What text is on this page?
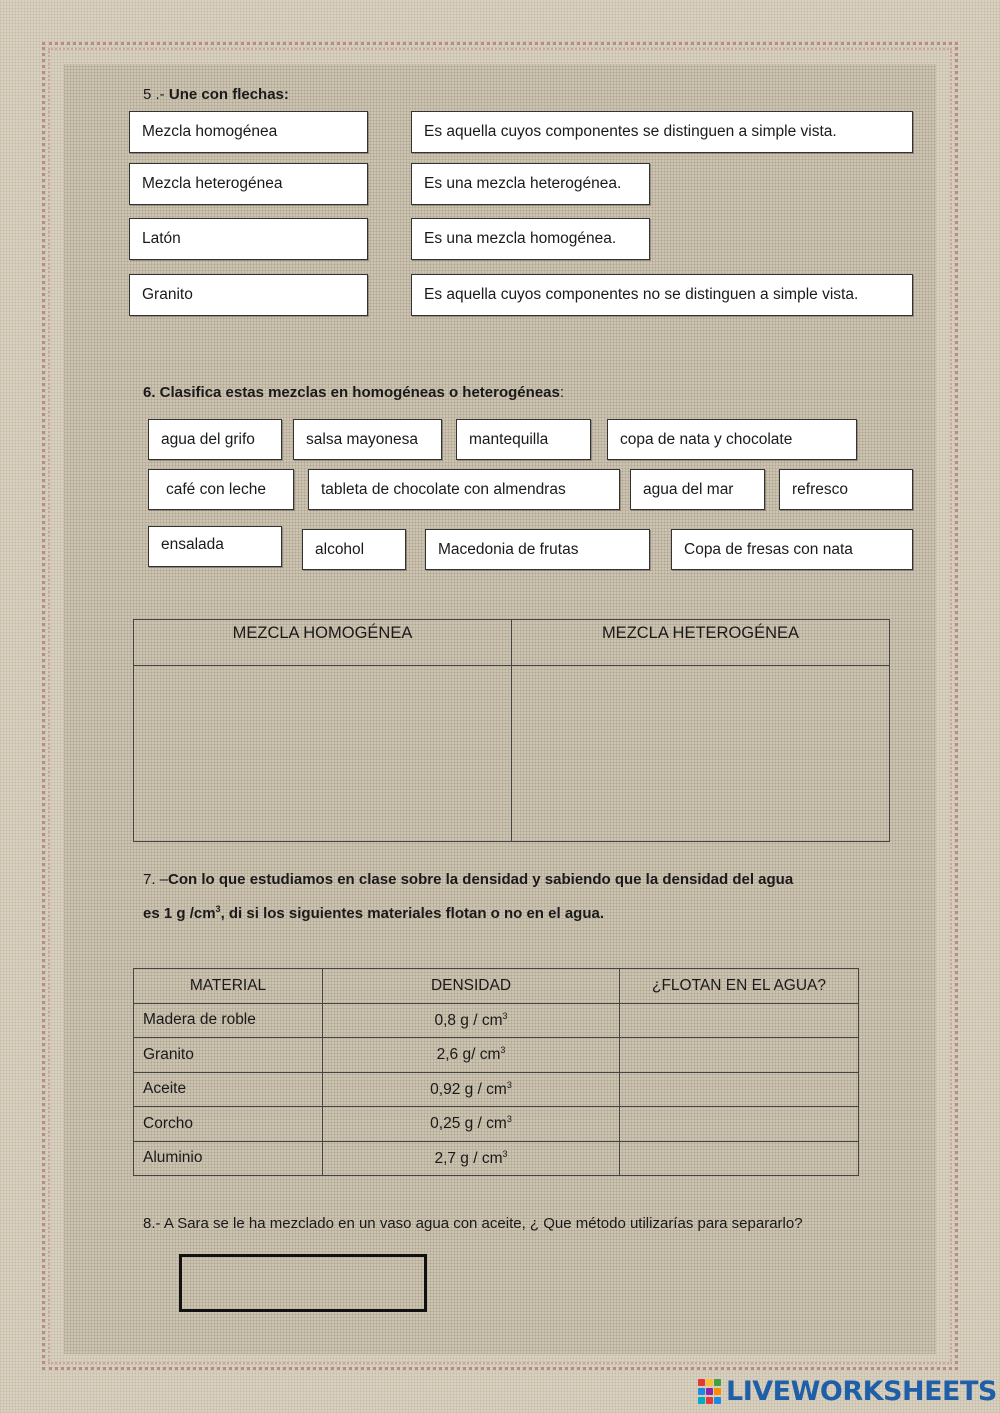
5 .- Une con flechas:
Mezcla homogénea
Mezcla heterogénea
Latón
Granito
Es aquella cuyos componentes se distinguen a simple vista.
Es una mezcla heterogénea.
Es una mezcla homogénea.
Es aquella cuyos componentes no se distinguen a simple vista.
6. Clasifica estas mezclas en homogéneas o heterogéneas:
agua del grifo	salsa mayonesa	mantequilla	copa de nata y chocolate
café con leche	tableta de chocolate con almendras	agua del mar	refresco
ensalada	alcohol	Macedonia de frutas	Copa de fresas con nata
MEZCLA HOMOGÉNEA	MEZCLA HETEROGÉNEA

7. –Con lo que estudiamos en clase sobre la densidad y sabiendo que la densidad del agua
es 1 g $/cm^3$, di si los siguientes materiales flotan o no en el agua.
MATERIAL	DENSIDAD	¿FLOTAN EN EL AGUA?
Madera de roble	0,8 g / $cm^3$	
Granito	2,6 g/ $cm^3$	
Aceite	0,92 g / $cm^3$	
Corcho	0,25 g / $cm^3$	
Aluminio	2,7 g / $cm^3$	
8.- A Sara se le ha mezclado en un vaso agua con aceite, ¿ Que método utilizarías para separarlo?
LIVEWORKSHEETS
